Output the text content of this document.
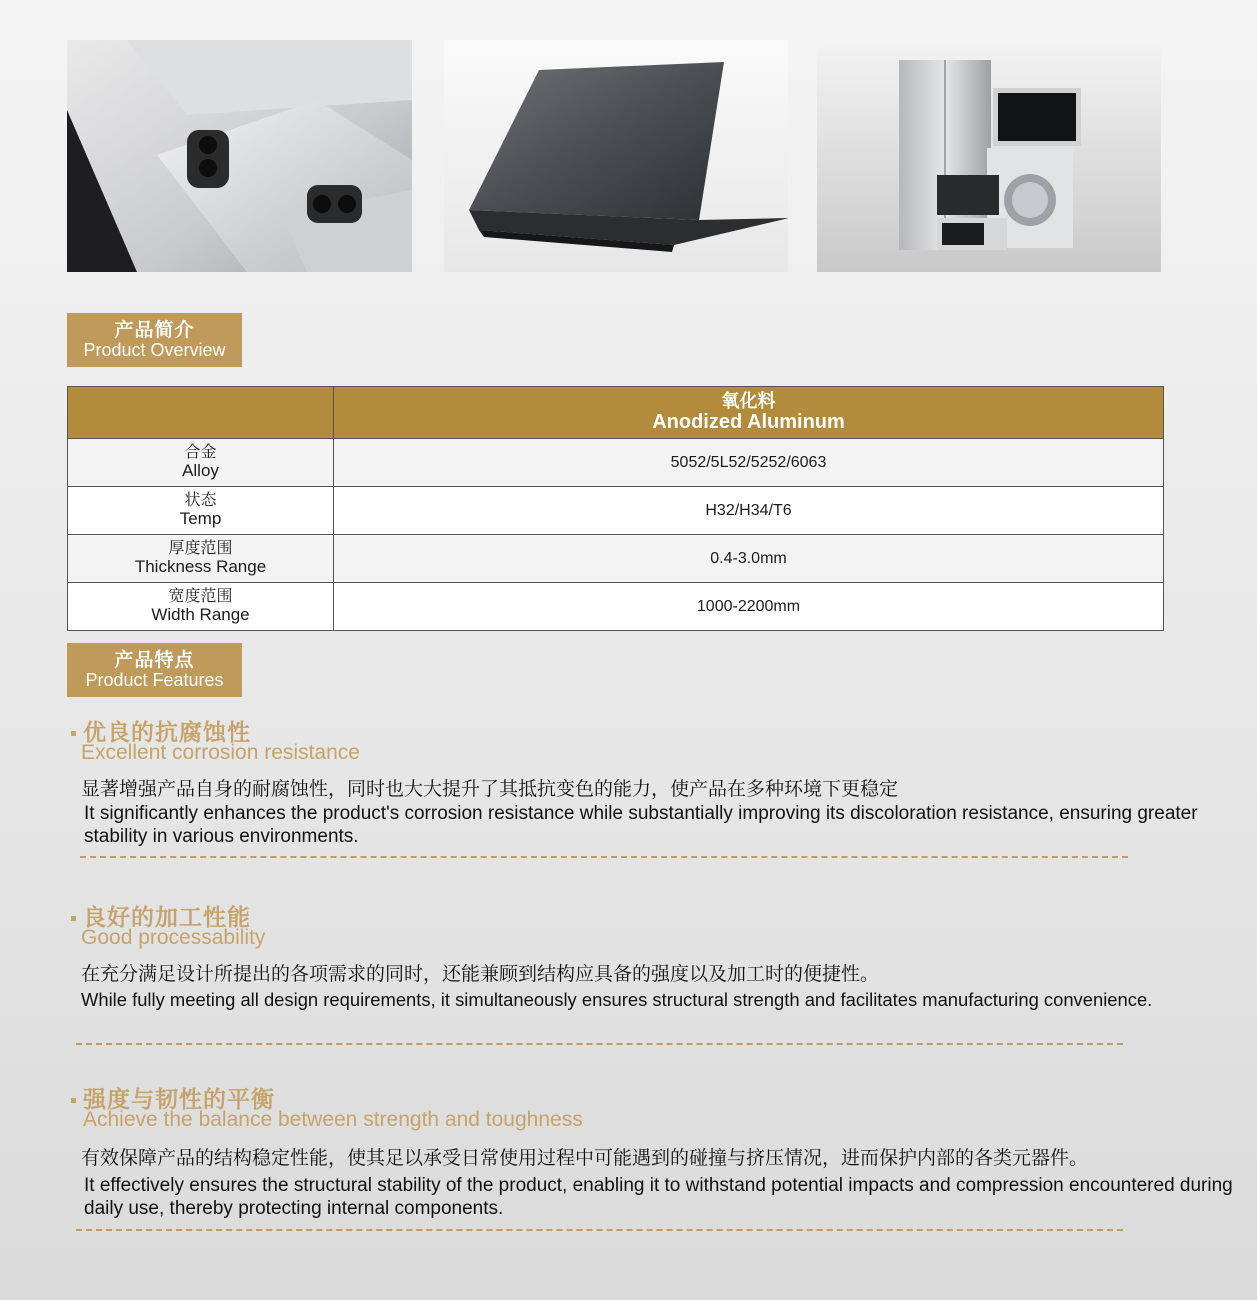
产品简介
Product Overview

	氧化料
Anodized Aluminum

合金
Alloy	5052/5L52/5252/6063

状态
Temp	H32/H34/T6

厚度范围
Thickness Range	0.4-3.0mm

宽度范围
Width Range	1000-2200mm
产品特点
Product Features
优良的抗腐蚀性
Excellent corrosion resistance
显著增强产品自身的耐腐蚀性，同时也大大提升了其抵抗变色的能力，使产品在多种环境下更稳定
It significantly enhances the product's corrosion resistance while substantially improving its discoloration resistance, ensuring greater stability in various environments.
良好的加工性能
Good processability
在充分满足设计所提出的各项需求的同时，还能兼顾到结构应具备的强度以及加工时的便捷性。
While fully meeting all design requirements, it simultaneously ensures structural strength and facilitates manufacturing convenience.
强度与韧性的平衡
Achieve the balance between strength and toughness
有效保障产品的结构稳定性能，使其足以承受日常使用过程中可能遇到的碰撞与挤压情况，进而保护内部的各类元器件。
It effectively ensures the structural stability of the product, enabling it to withstand potential impacts and compression encountered during daily use, thereby protecting internal components.
